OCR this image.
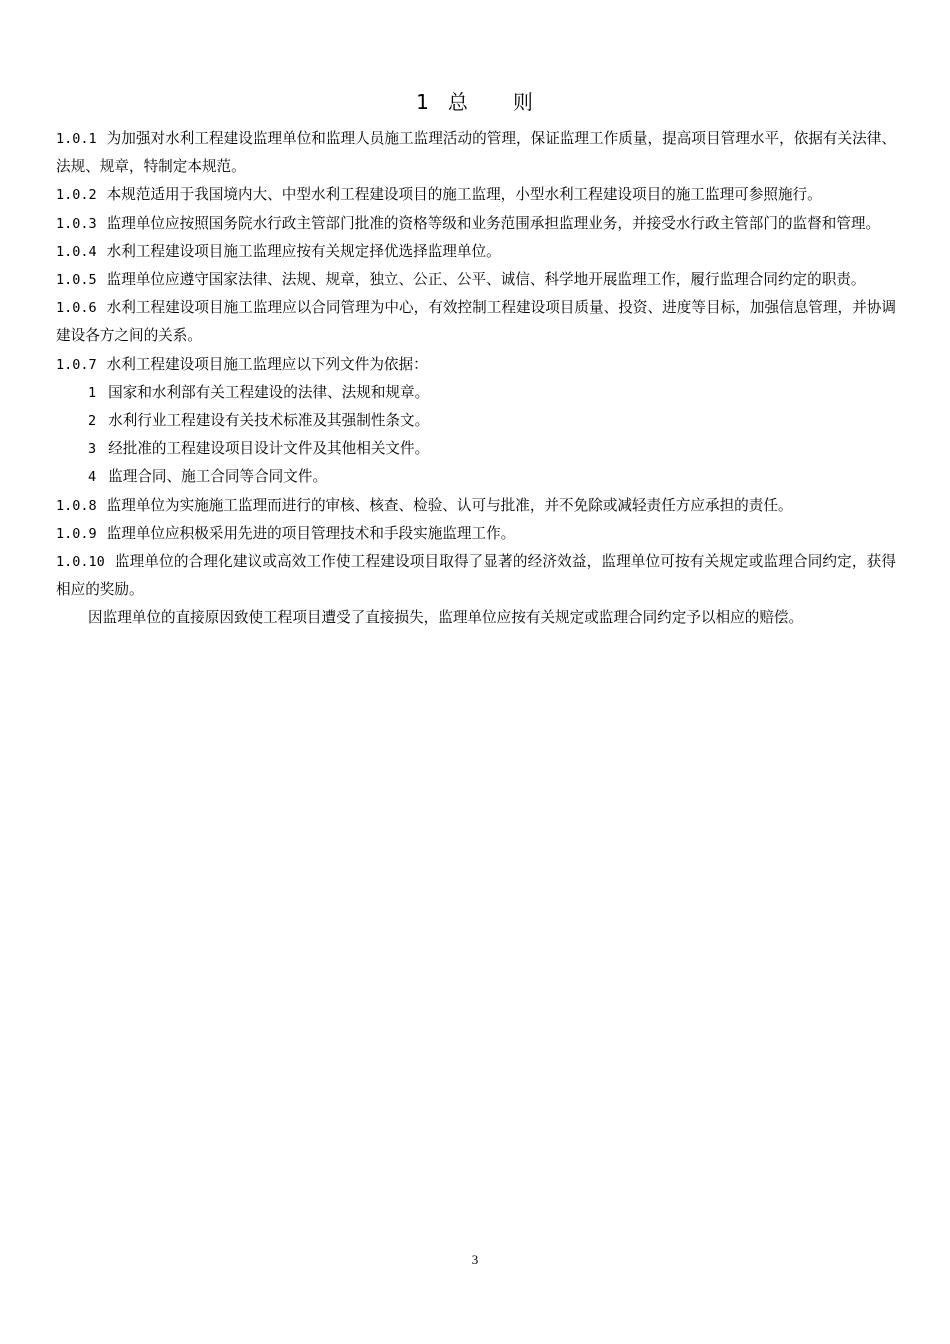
1 总 则

1.0.1 为加强对水利工程建设监理单位和监理人员施工监理活动的管理，保证监理工作质量，提高项目管理水平，依据有关法律、法规、规章，特制定本规范。

1.0.2 本规范适用于我国境内大、中型水利工程建设项目的施工监理，小型水利工程建设项目的施工监理可参照施行。

1.0.3 监理单位应按照国务院水行政主管部门批准的资格等级和业务范围承担监理业务，并接受水行政主管部门的监督和管理。

1.0.4 水利工程建设项目施工监理应按有关规定择优选择监理单位。

1.0.5 监理单位应遵守国家法律、法规、规章，独立、公正、公平、诚信、科学地开展监理工作，履行监理合同约定的职责。

1.0.6 水利工程建设项目施工监理应以合同管理为中心，有效控制工程建设项目质量、投资、进度等目标，加强信息管理，并协调建设各方之间的关系。

1.0.7 水利工程建设项目施工监理应以下列文件为依据：

1 国家和水利部有关工程建设的法律、法规和规章。

2 水利行业工程建设有关技术标准及其强制性条文。

3 经批准的工程建设项目设计文件及其他相关文件。

4 监理合同、施工合同等合同文件。

1.0.8 监理单位为实施施工监理而进行的审核、核查、检验、认可与批准，并不免除或减轻责任方应承担的责任。

1.0.9 监理单位应积极采用先进的项目管理技术和手段实施监理工作。

1.0.10 监理单位的合理化建议或高效工作使工程建设项目取得了显著的经济效益，监理单位可按有关规定或监理合同约定，获得相应的奖励。

因监理单位的直接原因致使工程项目遭受了直接损失，监理单位应按有关规定或监理合同约定予以相应的赔偿。

3
